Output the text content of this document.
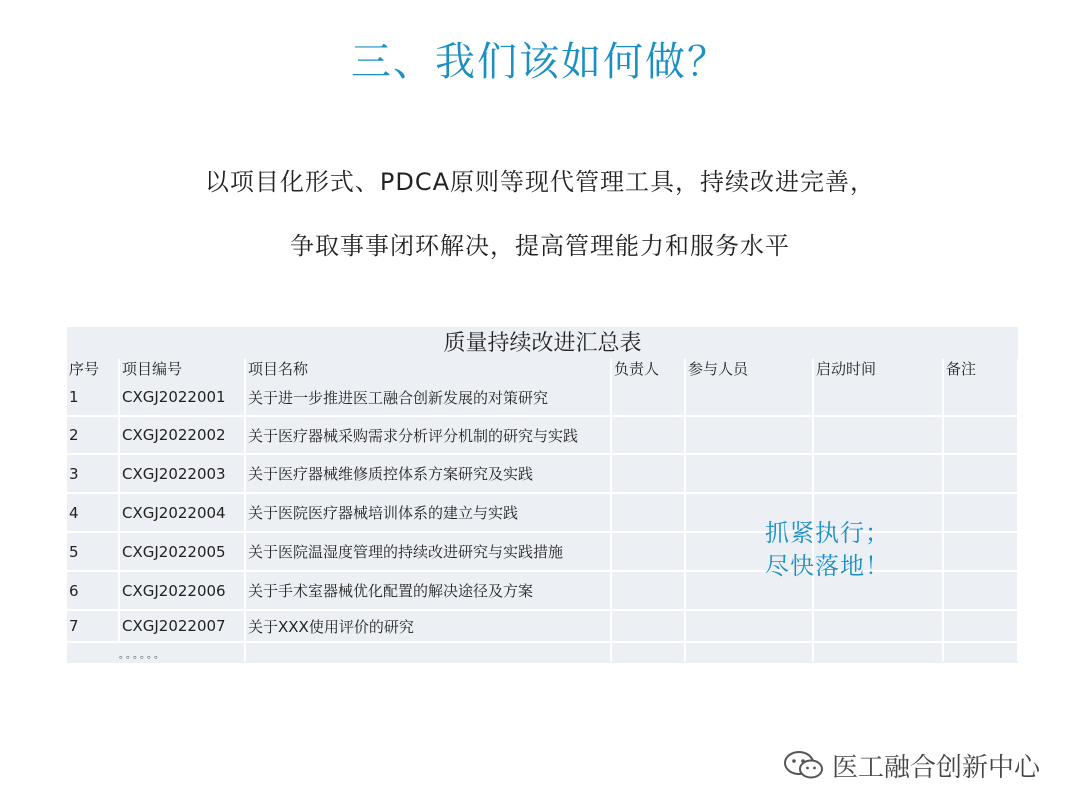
三、我们该如何做？
以项目化形式、PDCA原则等现代管理工具，持续改进完善，
争取事事闭环解决，提高管理能力和服务水平
质量持续改进汇总表
序号	项目编号	项目名称	负责人	参与人员	启动时间	备注
1	CXGJ2022001	关于进一步推进医工融合创新发展的对策研究				
2	CXGJ2022002	关于医疗器械采购需求分析评分机制的研究与实践				
3	CXGJ2022003	关于医疗器械维修质控体系方案研究及实践				
4	CXGJ2022004	关于医院医疗器械培训体系的建立与实践				
5	CXGJ2022005	关于医院温湿度管理的持续改进研究与实践措施				
6	CXGJ2022006	关于手术室器械优化配置的解决途径及方案				
7	CXGJ2022007	关于XXX使用评价的研究				
。。。。。。						
抓紧执行；
尽快落地！
医工融合创新中心
